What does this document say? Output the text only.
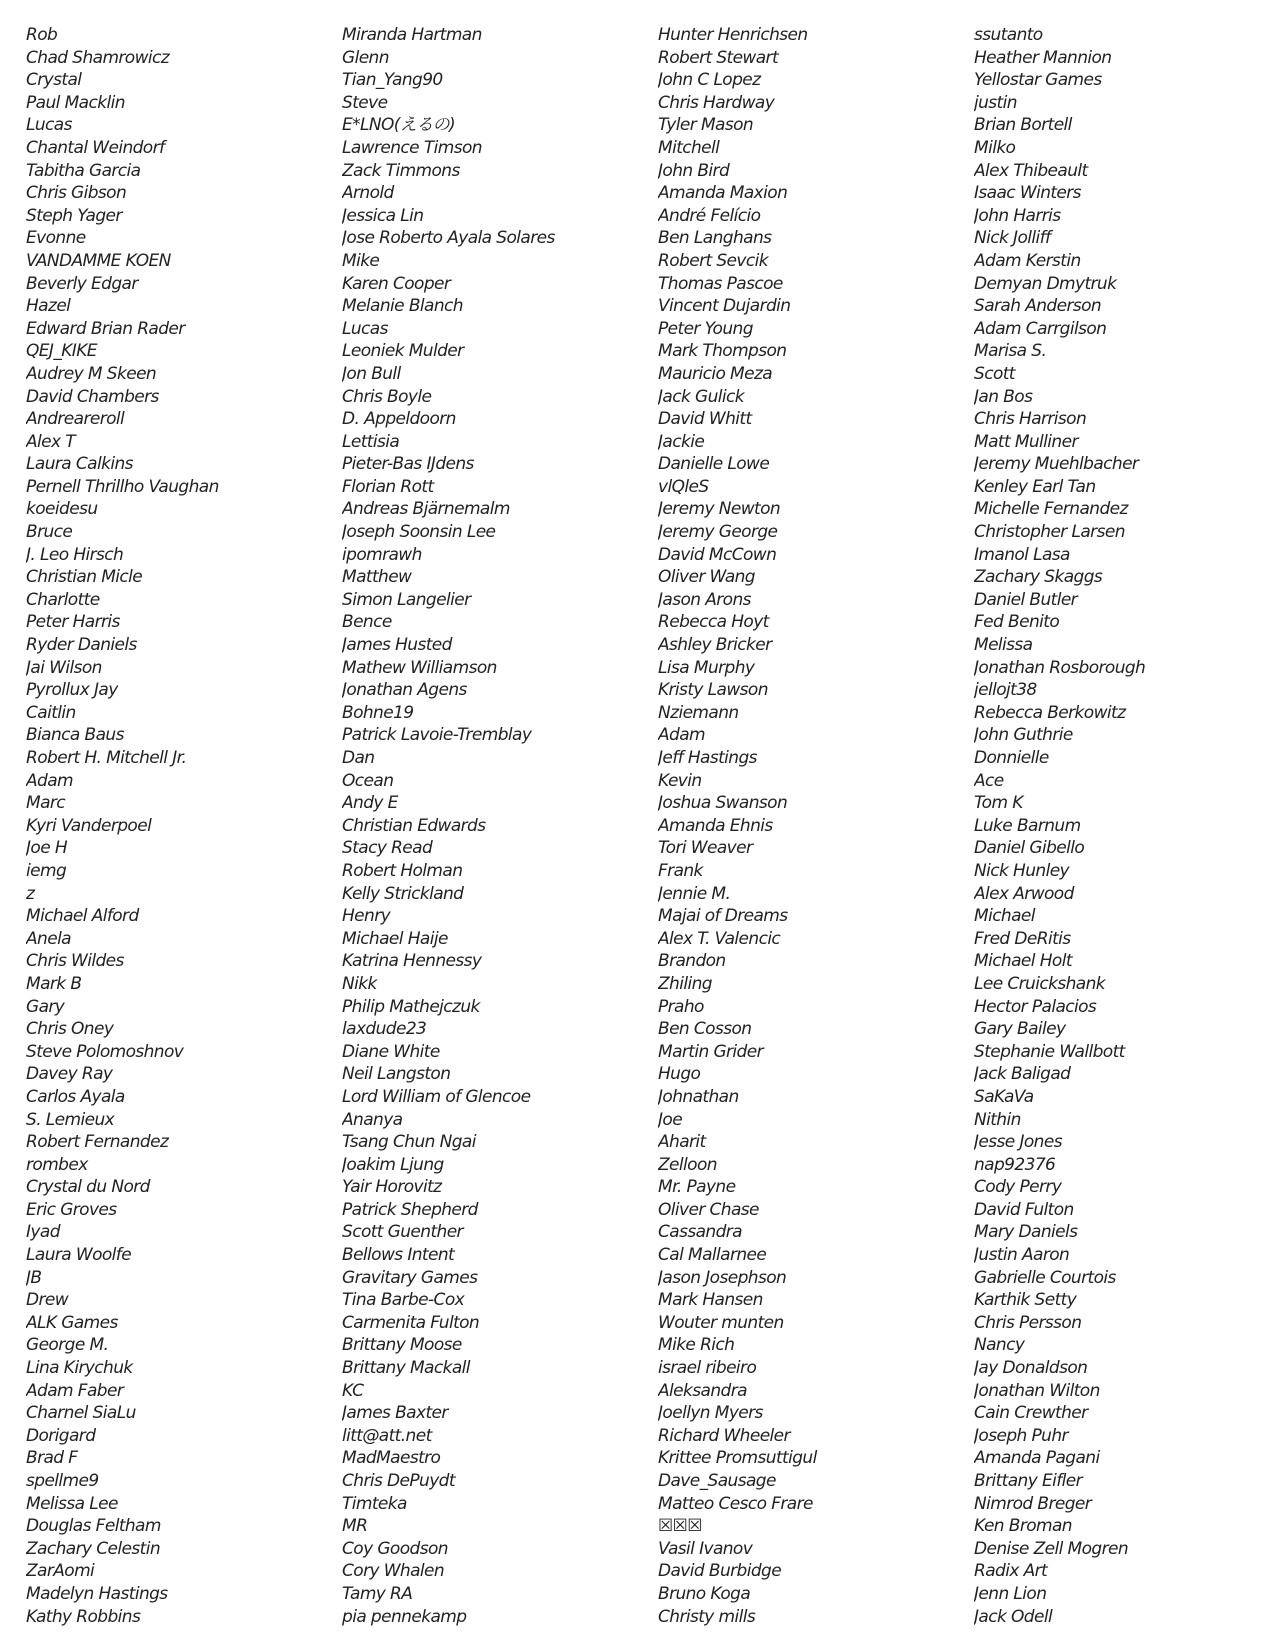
Rob
Chad Shamrowicz
Crystal
Paul Macklin
Lucas
Chantal Weindorf
Tabitha Garcia
Chris Gibson
Steph Yager
Evonne
VANDAMME KOEN
Beverly Edgar
Hazel
Edward Brian Rader
QEJ_KIKE
Audrey M Skeen
David Chambers
Andreareroll
Alex T
Laura Calkins
Pernell Thrillho Vaughan
koeidesu
Bruce
J. Leo Hirsch
Christian Micle
Charlotte
Peter Harris
Ryder Daniels
Jai Wilson
Pyrollux Jay
Caitlin
Bianca Baus
Robert H. Mitchell Jr.
Adam
Marc
Kyri Vanderpoel
Joe H
iemg
z
Michael Alford
Anela
Chris Wildes
Mark B
Gary
Chris Oney
Steve Polomoshnov
Davey Ray
Carlos Ayala
S. Lemieux
Robert Fernandez
rombex
Crystal du Nord
Eric Groves
Iyad
Laura Woolfe
JB
Drew
ALK Games
George M.
Lina Kirychuk
Adam Faber
Charnel SiaLu
Dorigard
Brad F
spellme9
Melissa Lee
Douglas Feltham
Zachary Celestin
ZarAomi
Madelyn Hastings
Kathy Robbins
Miranda Hartman
Glenn
Tian_Yang90
Steve
E*LNO(えるの)
Lawrence Timson
Zack Timmons
Arnold
Jessica Lin
Jose Roberto Ayala Solares
Mike
Karen Cooper
Melanie Blanch
Lucas
Leoniek Mulder
Jon Bull
Chris Boyle
D. Appeldoorn
Lettisia
Pieter-Bas IJdens
Florian Rott
Andreas Bjärnemalm
Joseph Soonsin Lee
ipomrawh
Matthew
Simon Langelier
Bence
James Husted
Mathew Williamson
Jonathan Agens
Bohne19
Patrick Lavoie-Tremblay
Dan
Ocean
Andy E
Christian Edwards
Stacy Read
Robert Holman
Kelly Strickland
Henry
Michael Haije
Katrina Hennessy
Nikk
Philip Mathejczuk
laxdude23
Diane White
Neil Langston
Lord William of Glencoe
Ananya
Tsang Chun Ngai
Joakim Ljung
Yair Horovitz
Patrick Shepherd
Scott Guenther
Bellows Intent
Gravitary Games
Tina Barbe-Cox
Carmenita Fulton
Brittany Moose
Brittany Mackall
KC
James Baxter
litt@att.net
MadMaestro
Chris DePuydt
Timteka
MR
Coy Goodson
Cory Whalen
Tamy RA
pia pennekamp
Hunter Henrichsen
Robert Stewart
John C Lopez
Chris Hardway
Tyler Mason
Mitchell
John Bird
Amanda Maxion
André Felício
Ben Langhans
Robert Sevcik
Thomas Pascoe
Vincent Dujardin
Peter Young
Mark Thompson
Mauricio Meza
Jack Gulick
David Whitt
Jackie
Danielle Lowe
vlQleS
Jeremy Newton
Jeremy George
David McCown
Oliver Wang
Jason Arons
Rebecca Hoyt
Ashley Bricker
Lisa Murphy
Kristy Lawson
Nziemann
Adam
Jeff Hastings
Kevin
Joshua Swanson
Amanda Ehnis
Tori Weaver
Frank
Jennie M.
Majai of Dreams
Alex T. Valencic
Brandon
Zhiling
Praho
Ben Cosson
Martin Grider
Hugo
Johnathan
Joe
Aharit
Zelloon
Mr. Payne
Oliver Chase
Cassandra
Cal Mallarnee
Jason Josephson
Mark Hansen
Wouter munten
Mike Rich
israel ribeiro
Aleksandra
Joellyn Myers
Richard Wheeler
Krittee Promsuttigul
Dave_Sausage
Matteo Cesco Frare
☒☒☒
Vasil Ivanov
David Burbidge
Bruno Koga
Christy mills
ssutanto
Heather Mannion
Yellostar Games
justin
Brian Bortell
Milko
Alex Thibeault
Isaac Winters
John Harris
Nick Jolliff
Adam Kerstin
Demyan Dmytruk
Sarah Anderson
Adam Carrgilson
Marisa S.
Scott
Jan Bos
Chris Harrison
Matt Mulliner
Jeremy Muehlbacher
Kenley Earl Tan
Michelle Fernandez
Christopher Larsen
Imanol Lasa
Zachary Skaggs
Daniel Butler
Fed Benito
Melissa
Jonathan Rosborough
jellojt38
Rebecca Berkowitz
John Guthrie
Donnielle
Ace
Tom K
Luke Barnum
Daniel Gibello
Nick Hunley
Alex Arwood
Michael
Fred DeRitis
Michael Holt
Lee Cruickshank
Hector Palacios
Gary Bailey
Stephanie Wallbott
Jack Baligad
SaKaVa
Nithin
Jesse Jones
nap92376
Cody Perry
David Fulton
Mary Daniels
Justin Aaron
Gabrielle Courtois
Karthik Setty
Chris Persson
Nancy
Jay Donaldson
Jonathan Wilton
Cain Crewther
Joseph Puhr
Amanda Pagani
Brittany Eifler
Nimrod Breger
Ken Broman
Denise Zell Mogren
Radix Art
Jenn Lion
Jack Odell
